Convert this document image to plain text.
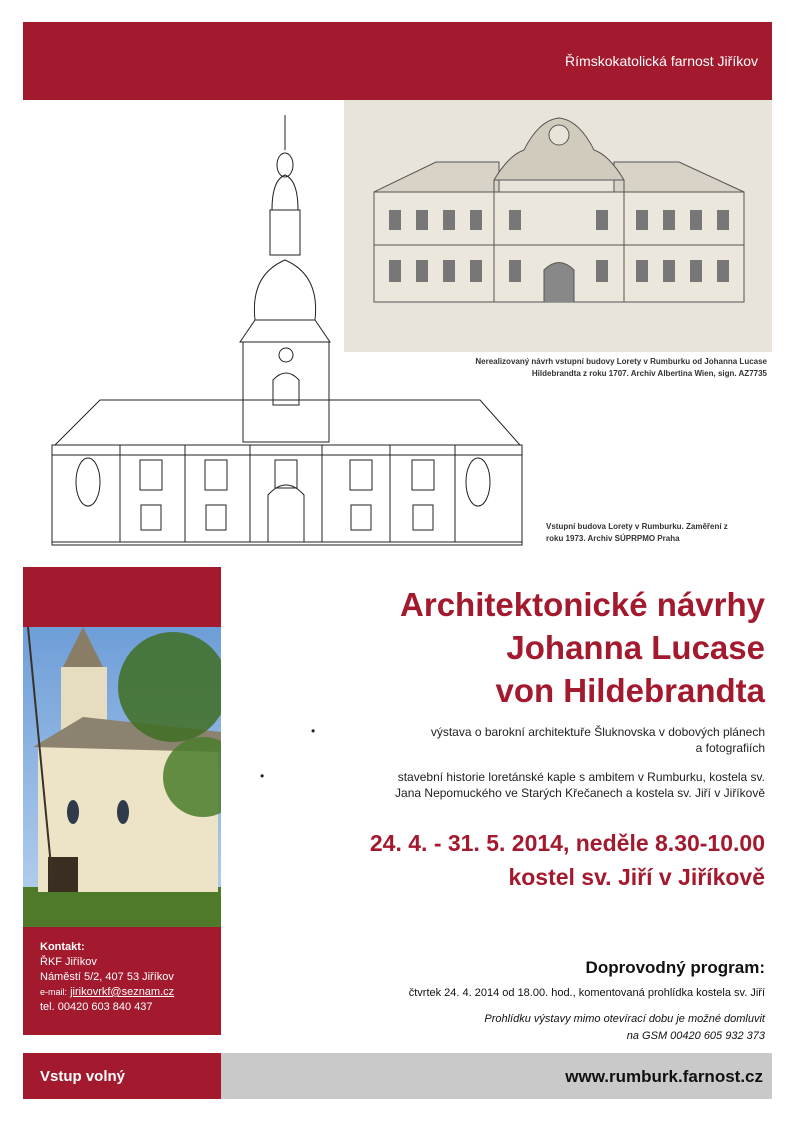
Římskokatolická farnost Jiříkov
Nerealizovaný návrh vstupní budovy Lorety v Rumburku od Johanna Lucase
Hildebrandta z roku 1707. Archiv Albertina Wien, sign. AZ7735
Vstupní budova Lorety v Rumburku. Zaměření z
roku 1973. Archiv SÚPRPMO Praha
Kontakt:
ŘKF Jiříkov
Náměstí 5/2, 407 53 Jiříkov
e-mail: jirikovrkf@seznam.cz
tel. 00420 603 840 437
Vstup volný	www.rumburk.farnost.cz
Architektonické návrhy
Johanna Lucase
von Hildebrandta
•	výstava o barokní architektuře Šluknovska v dobových plánech
a fotografiích
•	stavební historie loretánské kaple s ambitem v Rumburku, kostela sv.
Jana Nepomuckého ve Starých Křečanech a kostela sv. Jiří v Jiříkově
24. 4. - 31. 5. 2014, neděle 8.30-10.00
kostel sv. Jiří v Jiříkově
Doprovodný program:
čtvrtek 24. 4. 2014 od 18.00. hod., komentovaná prohlídka kostela sv. Jiří
Prohlídku výstavy mimo otevírací dobu je možné domluvit
na GSM 00420 605 932 373
